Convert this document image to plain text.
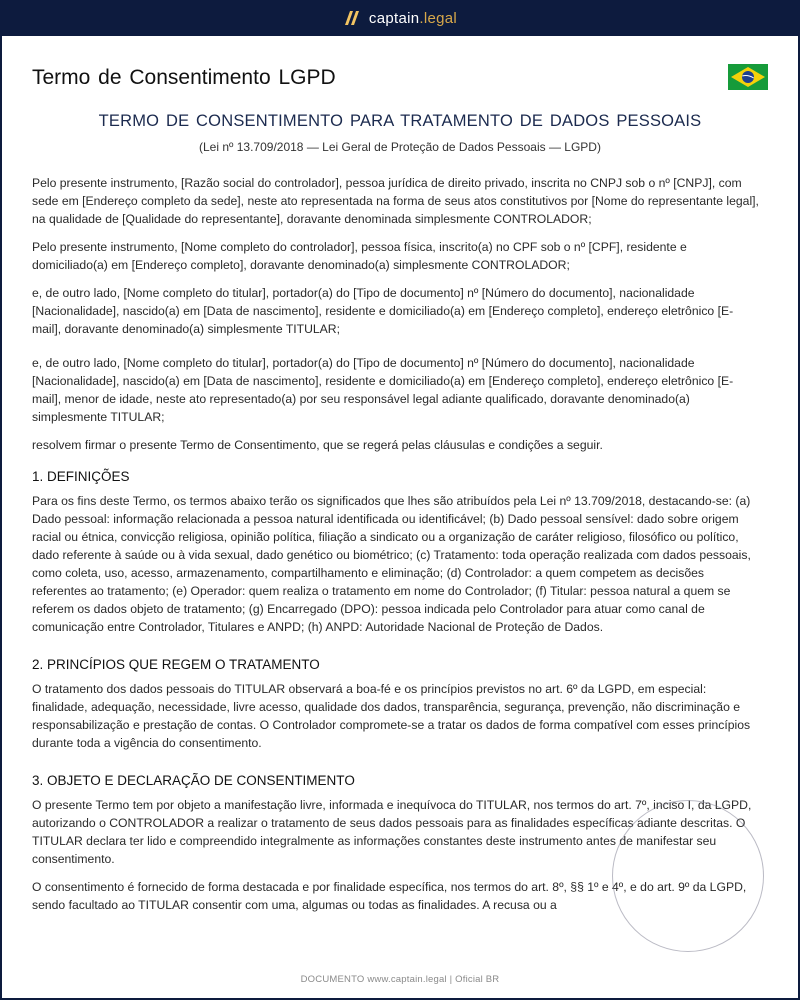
captain.legal
Termo de Consentimento LGPD
TERMO DE CONSENTIMENTO PARA TRATAMENTO DE DADOS PESSOAIS
(Lei nº 13.709/2018 — Lei Geral de Proteção de Dados Pessoais — LGPD)

Pelo presente instrumento, [Razão social do controlador], pessoa jurídica de direito privado, inscrita no CNPJ sob o nº [CNPJ], com sede em [Endereço completo da sede], neste ato representada na forma de seus atos constitutivos por [Nome do representante legal], na qualidade de [Qualidade do representante], doravante denominada simplesmente CONTROLADOR;

Pelo presente instrumento, [Nome completo do controlador], pessoa física, inscrito(a) no CPF sob o nº [CPF], residente e domiciliado(a) em [Endereço completo], doravante denominado(a) simplesmente CONTROLADOR;

e, de outro lado, [Nome completo do titular], portador(a) do [Tipo de documento] nº [Número do documento], nacionalidade [Nacionalidade], nascido(a) em [Data de nascimento], residente e domiciliado(a) em [Endereço completo], endereço eletrônico [E-mail], doravante denominado(a) simplesmente TITULAR;

e, de outro lado, [Nome completo do titular], portador(a) do [Tipo de documento] nº [Número do documento], nacionalidade [Nacionalidade], nascido(a) em [Data de nascimento], residente e domiciliado(a) em [Endereço completo], endereço eletrônico [E-mail], menor de idade, neste ato representado(a) por seu responsável legal adiante qualificado, doravante denominado(a) simplesmente TITULAR;

resolvem firmar o presente Termo de Consentimento, que se regerá pelas cláusulas e condições a seguir.

1. DEFINIÇÕES

Para os fins deste Termo, os termos abaixo terão os significados que lhes são atribuídos pela Lei nº 13.709/2018, destacando-se: (a) Dado pessoal: informação relacionada a pessoa natural identificada ou identificável; (b) Dado pessoal sensível: dado sobre origem racial ou étnica, convicção religiosa, opinião política, filiação a sindicato ou a organização de caráter religioso, filosófico ou político, dado referente à saúde ou à vida sexual, dado genético ou biométrico; (c) Tratamento: toda operação realizada com dados pessoais, como coleta, uso, acesso, armazenamento, compartilhamento e eliminação; (d) Controlador: a quem competem as decisões referentes ao tratamento; (e) Operador: quem realiza o tratamento em nome do Controlador; (f) Titular: pessoa natural a quem se referem os dados objeto de tratamento; (g) Encarregado (DPO): pessoa indicada pelo Controlador para atuar como canal de comunicação entre Controlador, Titulares e ANPD; (h) ANPD: Autoridade Nacional de Proteção de Dados.

2. PRINCÍPIOS QUE REGEM O TRATAMENTO

O tratamento dos dados pessoais do TITULAR observará a boa-fé e os princípios previstos no art. 6º da LGPD, em especial: finalidade, adequação, necessidade, livre acesso, qualidade dos dados, transparência, segurança, prevenção, não discriminação e responsabilização e prestação de contas. O Controlador compromete-se a tratar os dados de forma compatível com esses princípios durante toda a vigência do consentimento.

3. OBJETO E DECLARAÇÃO DE CONSENTIMENTO

O presente Termo tem por objeto a manifestação livre, informada e inequívoca do TITULAR, nos termos do art. 7º, inciso I, da LGPD, autorizando o CONTROLADOR a realizar o tratamento de seus dados pessoais para as finalidades específicas adiante descritas. O TITULAR declara ter lido e compreendido integralmente as informações constantes deste instrumento antes de manifestar seu consentimento.

O consentimento é fornecido de forma destacada e por finalidade específica, nos termos do art. 8º, §§ 1º e 4º, e do art. 9º da LGPD, sendo facultado ao TITULAR consentir com uma, algumas ou todas as finalidades. A recusa ou a

DOCUMENTO www.captain.legal | Oficial BR
